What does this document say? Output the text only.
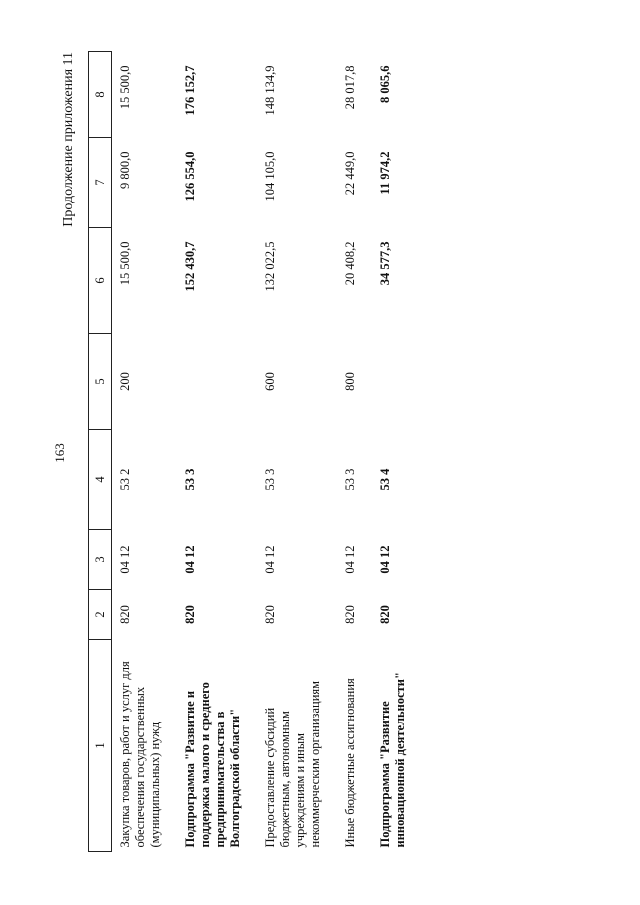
163
Продолжение приложения 11
1	2	3	4	5	6	7	8
Закупка товаров, работ и услуг для обеспечения государственных (муниципальных) нужд	820	04 12	53 2	200	15 500,0	9 800,0	15 500,0
Подпрограмма "Развитие и поддержка малого и среднего предпринимательства в Волгоградской области"	820	04 12	53 3		152 430,7	126 554,0	176 152,7
Предоставление субсидий бюджетным, автономным учреждениям и иным некоммерческим организациям	820	04 12	53 3	600	132 022,5	104 105,0	148 134,9
Иные бюджетные ассигнования	820	04 12	53 3	800	20 408,2	22 449,0	28 017,8
Подпрограмма "Развитие инновационной деятельности"	820	04 12	53 4		34 577,3	11 974,2	8 065,6
